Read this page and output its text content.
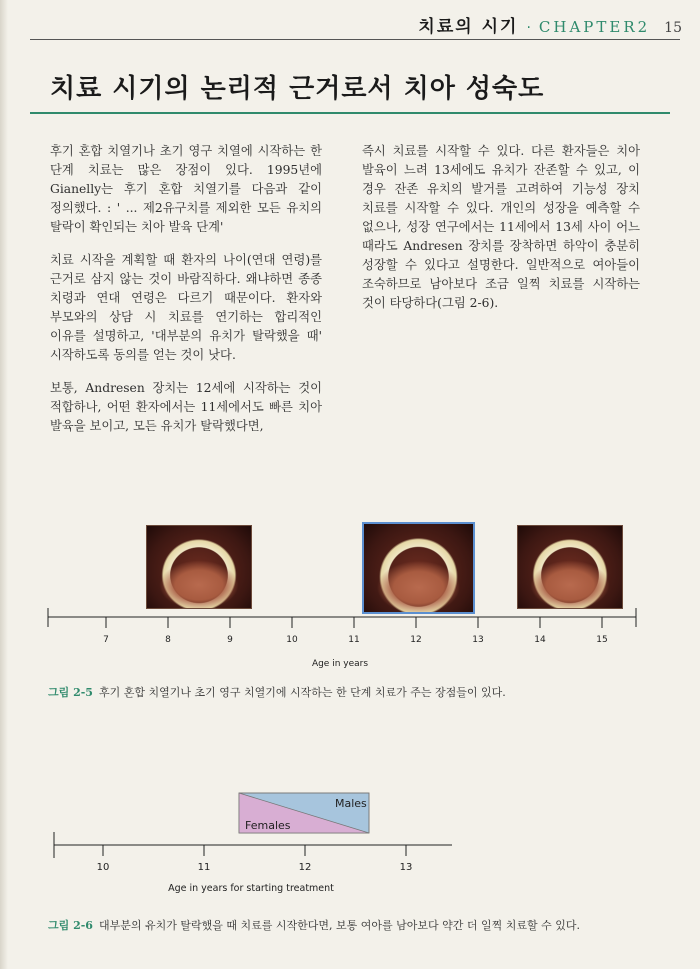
치료의 시기 · CHAPTER2 15
치료 시기의 논리적 근거로서 치아 성숙도

후기 혼합 치열기나 초기 영구 치열에 시작하는 한 단계 치료는 많은 장점이 있다. 1995년에 Gianelly는 후기 혼합 치열기를 다음과 같이 정의했다. : ' ... 제2유구치를 제외한 모든 유치의 탈락이 확인되는 치아 발육 단계'

치료 시작을 계획할 때 환자의 나이(연대 연령)를 근거로 삼지 않는 것이 바람직하다. 왜냐하면 종종 치령과 연대 연령은 다르기 때문이다. 환자와 부모와의 상담 시 치료를 연기하는 합리적인 이유를 설명하고, '대부분의 유치가 탈락했을 때' 시작하도록 동의를 얻는 것이 낫다.

보통, Andresen 장치는 12세에 시작하는 것이 적합하나, 어떤 환자에서는 11세에서도 빠른 치아 발육을 보이고, 모든 유치가 탈락했다면,

즉시 치료를 시작할 수 있다. 다른 환자들은 치아 발육이 느려 13세에도 유치가 잔존할 수 있고, 이 경우 잔존 유치의 발거를 고려하여 기능성 장치 치료를 시작할 수 있다. 개인의 성장을 예측할 수 없으나, 성장 연구에서는 11세에서 13세 사이 어느 때라도 Andresen 장치를 장착하면 하악이 충분히 성장할 수 있다고 설명한다. 일반적으로 여아들이 조숙하므로 남아보다 조금 일찍 치료를 시작하는 것이 타당하다(그림 2-6).

7	8	9	10	11	12	13	14	15
Age in years
Males
Females
10	11	12	13
Age in years for starting treatment
그림 2-5 후기 혼합 치열기나 초기 영구 치열기에 시작하는 한 단계 치료가 주는 장점들이 있다.
그림 2-6 대부분의 유치가 탈락했을 때 치료를 시작한다면, 보통 여아를 남아보다 약간 더 일찍 치료할 수 있다.
